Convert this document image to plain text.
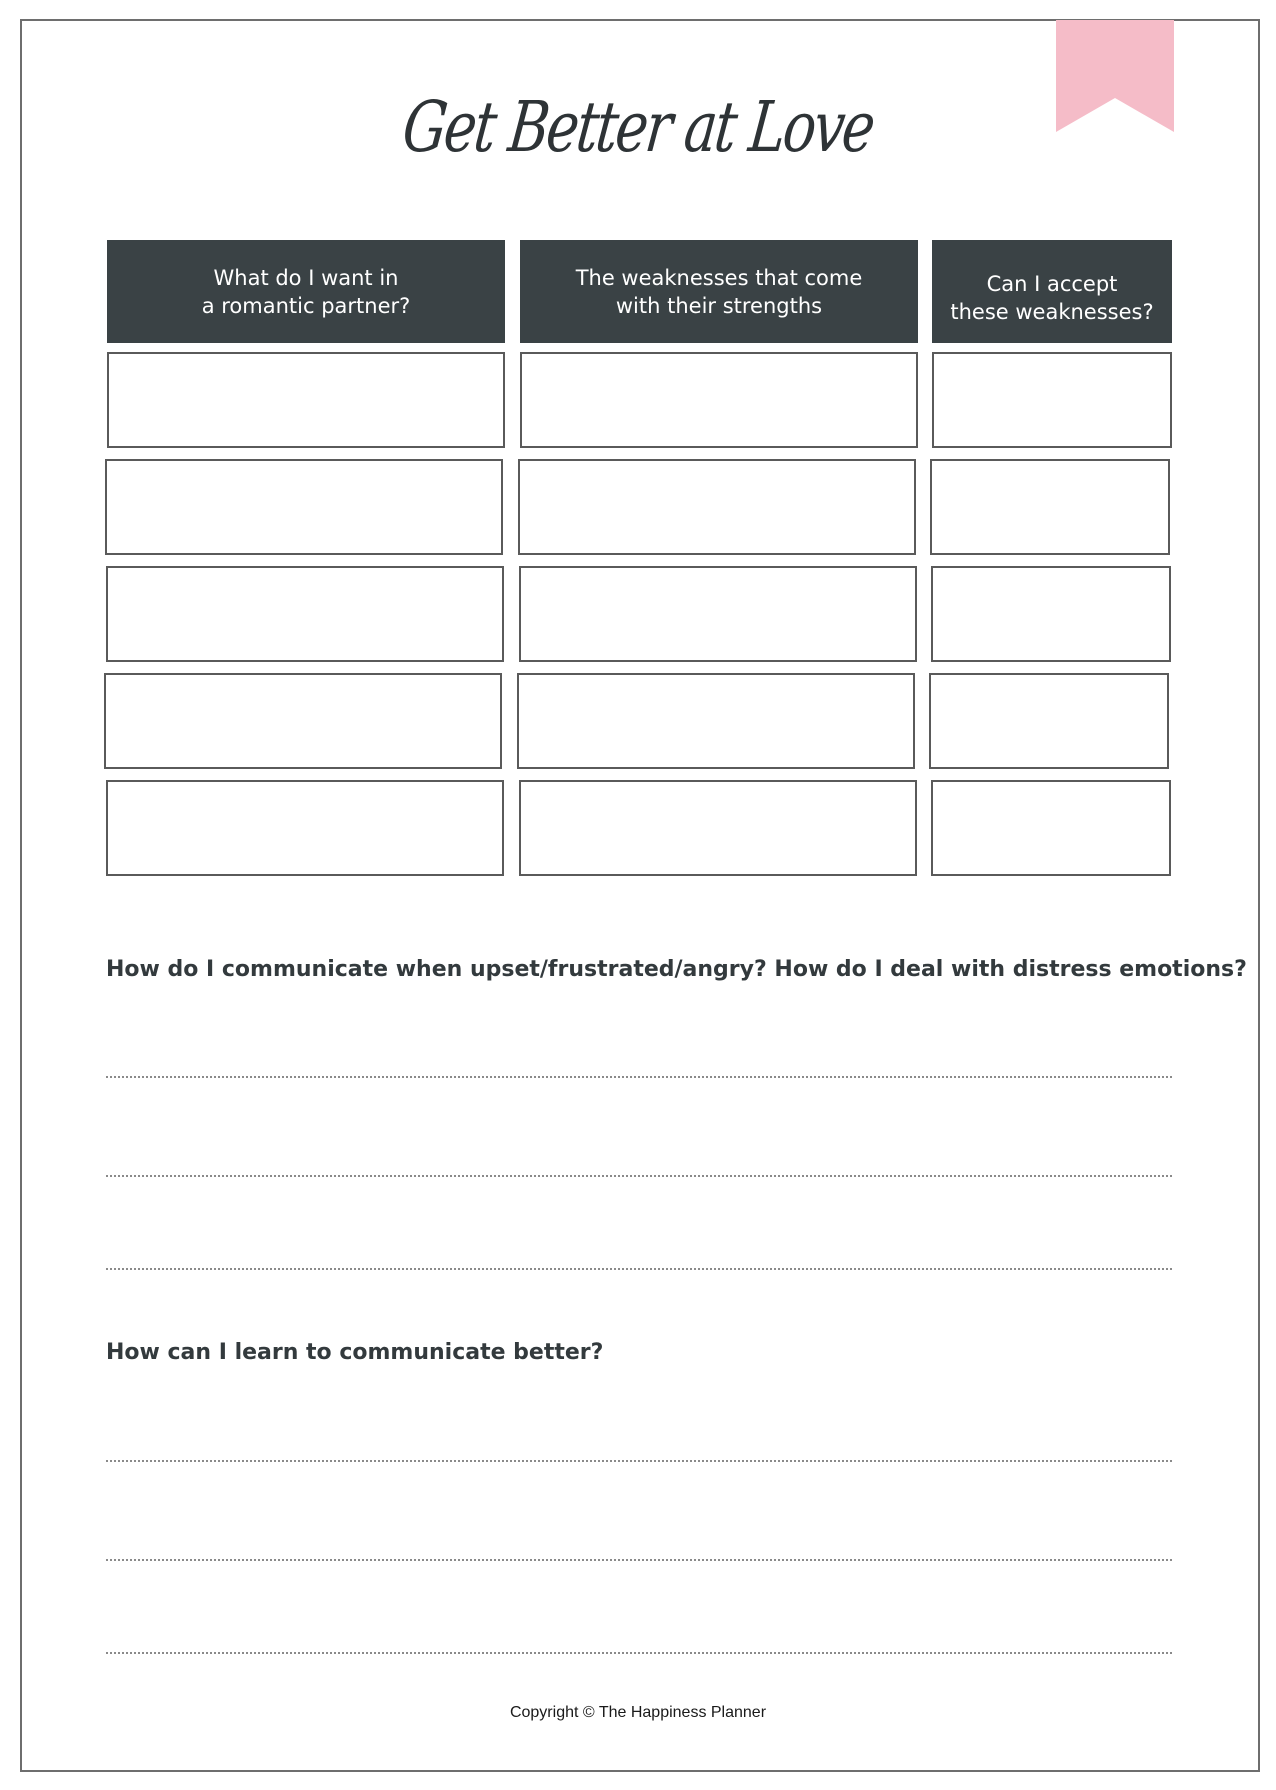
Get Better at Love
What do I want in
a romantic partner?
The weaknesses that come
with their strengths
Can I accept
these weaknesses?
How do I communicate when upset/frustrated/angry? How do I deal with distress emotions?
How can I learn to communicate better?
Copyright © The Happiness Planner
